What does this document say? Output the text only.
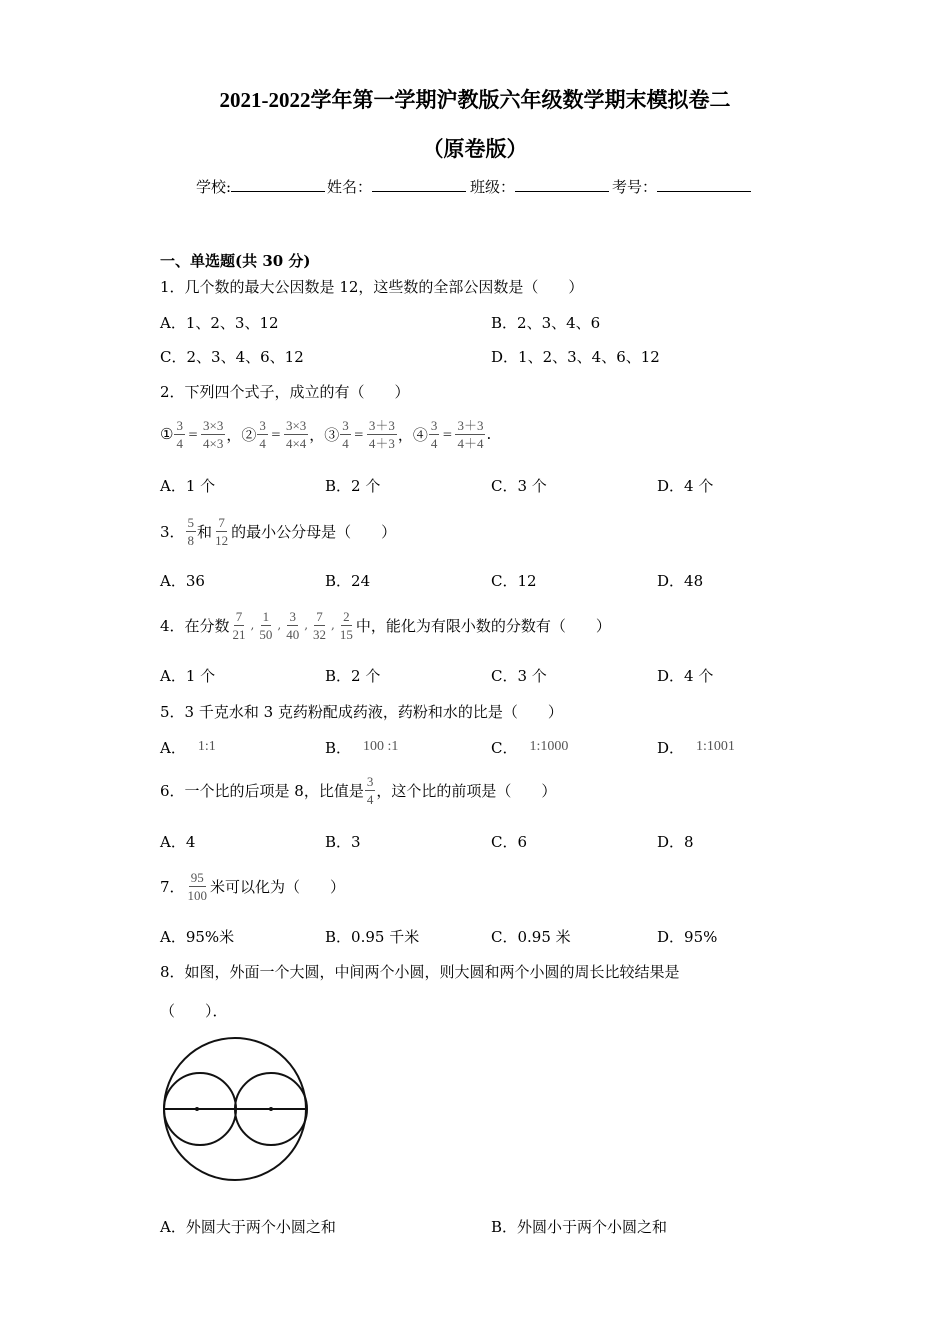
2021-2022学年第一学期沪教版六年级数学期末模拟卷二
（原卷版）
学校:	姓名：	班级：	考号：
一、单选题(共 30 分)
1．几个数的最大公因数是 12，这些数的全部公因数是（　　）
A．1、2、3、12	B．2、3、4、6
C．2、3、4、6、12	D．1、2、3、4、6、12
2．下列四个式子，成立的有（　　）
① $\frac{3}{4} = \frac{3\times 3}{4\times 3}$ ，② $\frac{3}{4} = \frac{3\times 3}{4\times 4}$ ，③ $\frac{3}{4} = \frac{3+3}{4+3}$ ，④ $\frac{3}{4} = \frac{3+3}{4+4}$ .
A．1 个	B．2 个	C．3 个	D．4 个
3． $\frac{5}{8}$ 和 $\frac{7}{12}$ 的最小公分母是（　　）
A．36	B．24	C．12	D．48
4．在分数 $\frac{7}{21}$ , $\frac{1}{50}$ , $\frac{3}{40}$ , $\frac{7}{32}$ , $\frac{2}{15}$ 中，能化为有限小数的分数有（　　）
A．1 个	B．2 个	C．3 个	D．4 个
5．3 千克水和 3 克药粉配成药液，药粉和水的比是（　　）
A． 1:1	B． 100 :1	C． 1:1000	D． 1:1001
6．一个比的后项是 8，比值是 $\frac{3}{4}$ ，这个比的前项是（　　）
A．4	B．3	C．6	D．8
7． $\frac{95}{100}$ 米可以化为（　　）
A．95%米	B．0.95 千米	C．0.95 米	D．95%
8．如图，外面一个大圆，中间两个小圆，则大圆和两个小圆的周长比较结果是
（　　）．
A．外圆大于两个小圆之和	B．外圆小于两个小圆之和
